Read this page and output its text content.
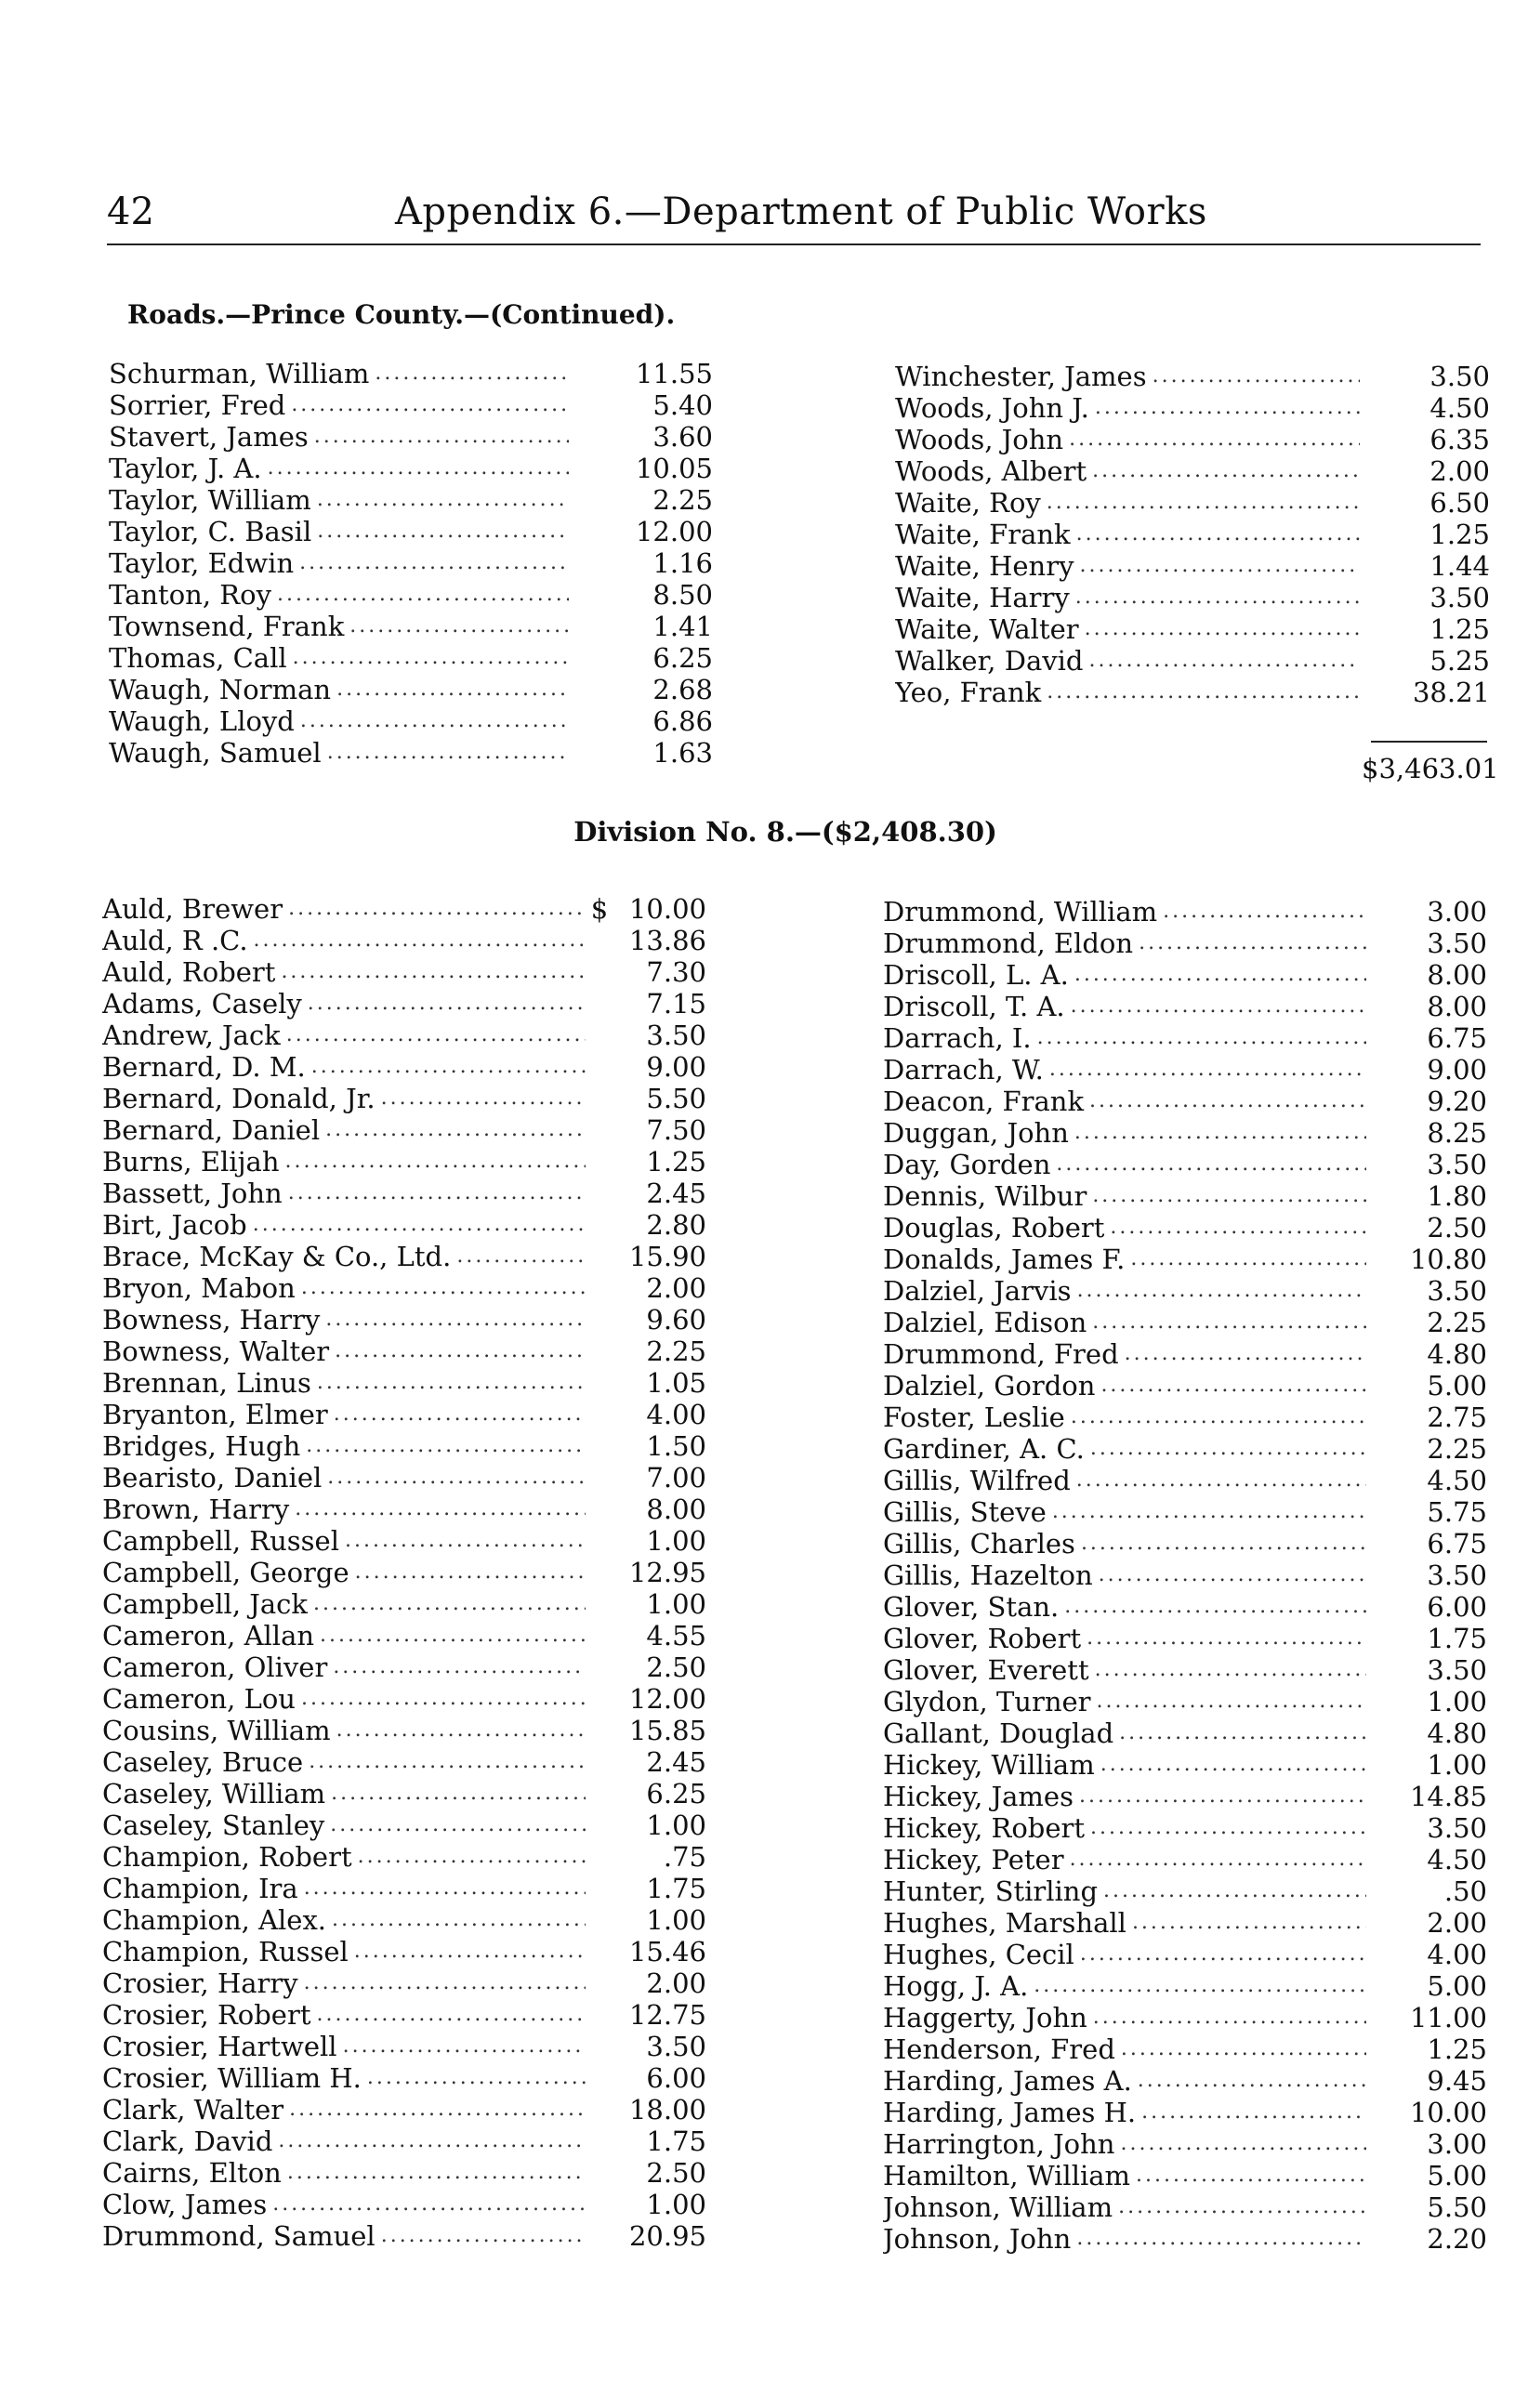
42	Appendix 6.—Department of Public Works
Roads.—Prince County.—(Continued).
Schurman, William .....	11.55
Sorrier, Fred .....	5.40
Stavert, James .....	3.60
Taylor, J. A. .....	10.05
Taylor, William .....	2.25
Taylor, C. Basil .....	12.00
Taylor, Edwin .....	1.16
Tanton, Roy .....	8.50
Townsend, Frank .....	1.41
Thomas, Call .....	6.25
Waugh, Norman .....	2.68
Waugh, Lloyd .....	6.86
Waugh, Samuel .....	1.63
Winchester, James .....	3.50
Woods, John J. .....	4.50
Woods, John .....	6.35
Woods, Albert .....	2.00
Waite, Roy .....	6.50
Waite, Frank .....	1.25
Waite, Henry .....	1.44
Waite, Harry .....	3.50
Waite, Walter .....	1.25
Walker, David .....	5.25
Yeo, Frank .....	38.21
$3,463.01
Division No. 8.—($2,408.30)
Auld, Brewer .....	$ 10.00
Auld, R .C. .....	13.86
Auld, Robert .....	7.30
Adams, Casely .....	7.15
Andrew, Jack .....	3.50
Bernard, D. M. .....	9.00
Bernard, Donald, Jr. .....	5.50
Bernard, Daniel .....	7.50
Burns, Elijah .....	1.25
Bassett, John .....	2.45
Birt, Jacob .....	2.80
Brace, McKay & Co., Ltd. .....	15.90
Bryon, Mabon .....	2.00
Bowness, Harry .....	9.60
Bowness, Walter .....	2.25
Brennan, Linus .....	1.05
Bryanton, Elmer .....	4.00
Bridges, Hugh .....	1.50
Bearisto, Daniel .....	7.00
Brown, Harry .....	8.00
Campbell, Russel .....	1.00
Campbell, George .....	12.95
Campbell, Jack .....	1.00
Cameron, Allan .....	4.55
Cameron, Oliver .....	2.50
Cameron, Lou .....	12.00
Cousins, William .....	15.85
Caseley, Bruce .....	2.45
Caseley, William .....	6.25
Caseley, Stanley .....	1.00
Champion, Robert .....	.75
Champion, Ira .....	1.75
Champion, Alex. .....	1.00
Champion, Russel .....	15.46
Crosier, Harry .....	2.00
Crosier, Robert .....	12.75
Crosier, Hartwell .....	3.50
Crosier, William H. .....	6.00
Clark, Walter .....	18.00
Clark, David .....	1.75
Cairns, Elton .....	2.50
Clow, James .....	1.00
Drummond, Samuel .....	20.95
Drummond, William .....	3.00
Drummond, Eldon .....	3.50
Driscoll, L. A. .....	8.00
Driscoll, T. A. .....	8.00
Darrach, I. .....	6.75
Darrach, W. .....	9.00
Deacon, Frank .....	9.20
Duggan, John .....	8.25
Day, Gorden .....	3.50
Dennis, Wilbur .....	1.80
Douglas, Robert .....	2.50
Donalds, James F. .....	10.80
Dalziel, Jarvis .....	3.50
Dalziel, Edison .....	2.25
Drummond, Fred .....	4.80
Dalziel, Gordon .....	5.00
Foster, Leslie .....	2.75
Gardiner, A. C. .....	2.25
Gillis, Wilfred .....	4.50
Gillis, Steve .....	5.75
Gillis, Charles .....	6.75
Gillis, Hazelton .....	3.50
Glover, Stan. .....	6.00
Glover, Robert .....	1.75
Glover, Everett .....	3.50
Glydon, Turner .....	1.00
Gallant, Douglad .....	4.80
Hickey, William .....	1.00
Hickey, James .....	14.85
Hickey, Robert .....	3.50
Hickey, Peter .....	4.50
Hunter, Stirling .....	.50
Hughes, Marshall .....	2.00
Hughes, Cecil .....	4.00
Hogg, J. A. .....	5.00
Haggerty, John .....	11.00
Henderson, Fred .....	1.25
Harding, James A. .....	9.45
Harding, James H. .....	10.00
Harrington, John .....	3.00
Hamilton, William .....	5.00
Johnson, William .....	5.50
Johnson, John .....	2.20
